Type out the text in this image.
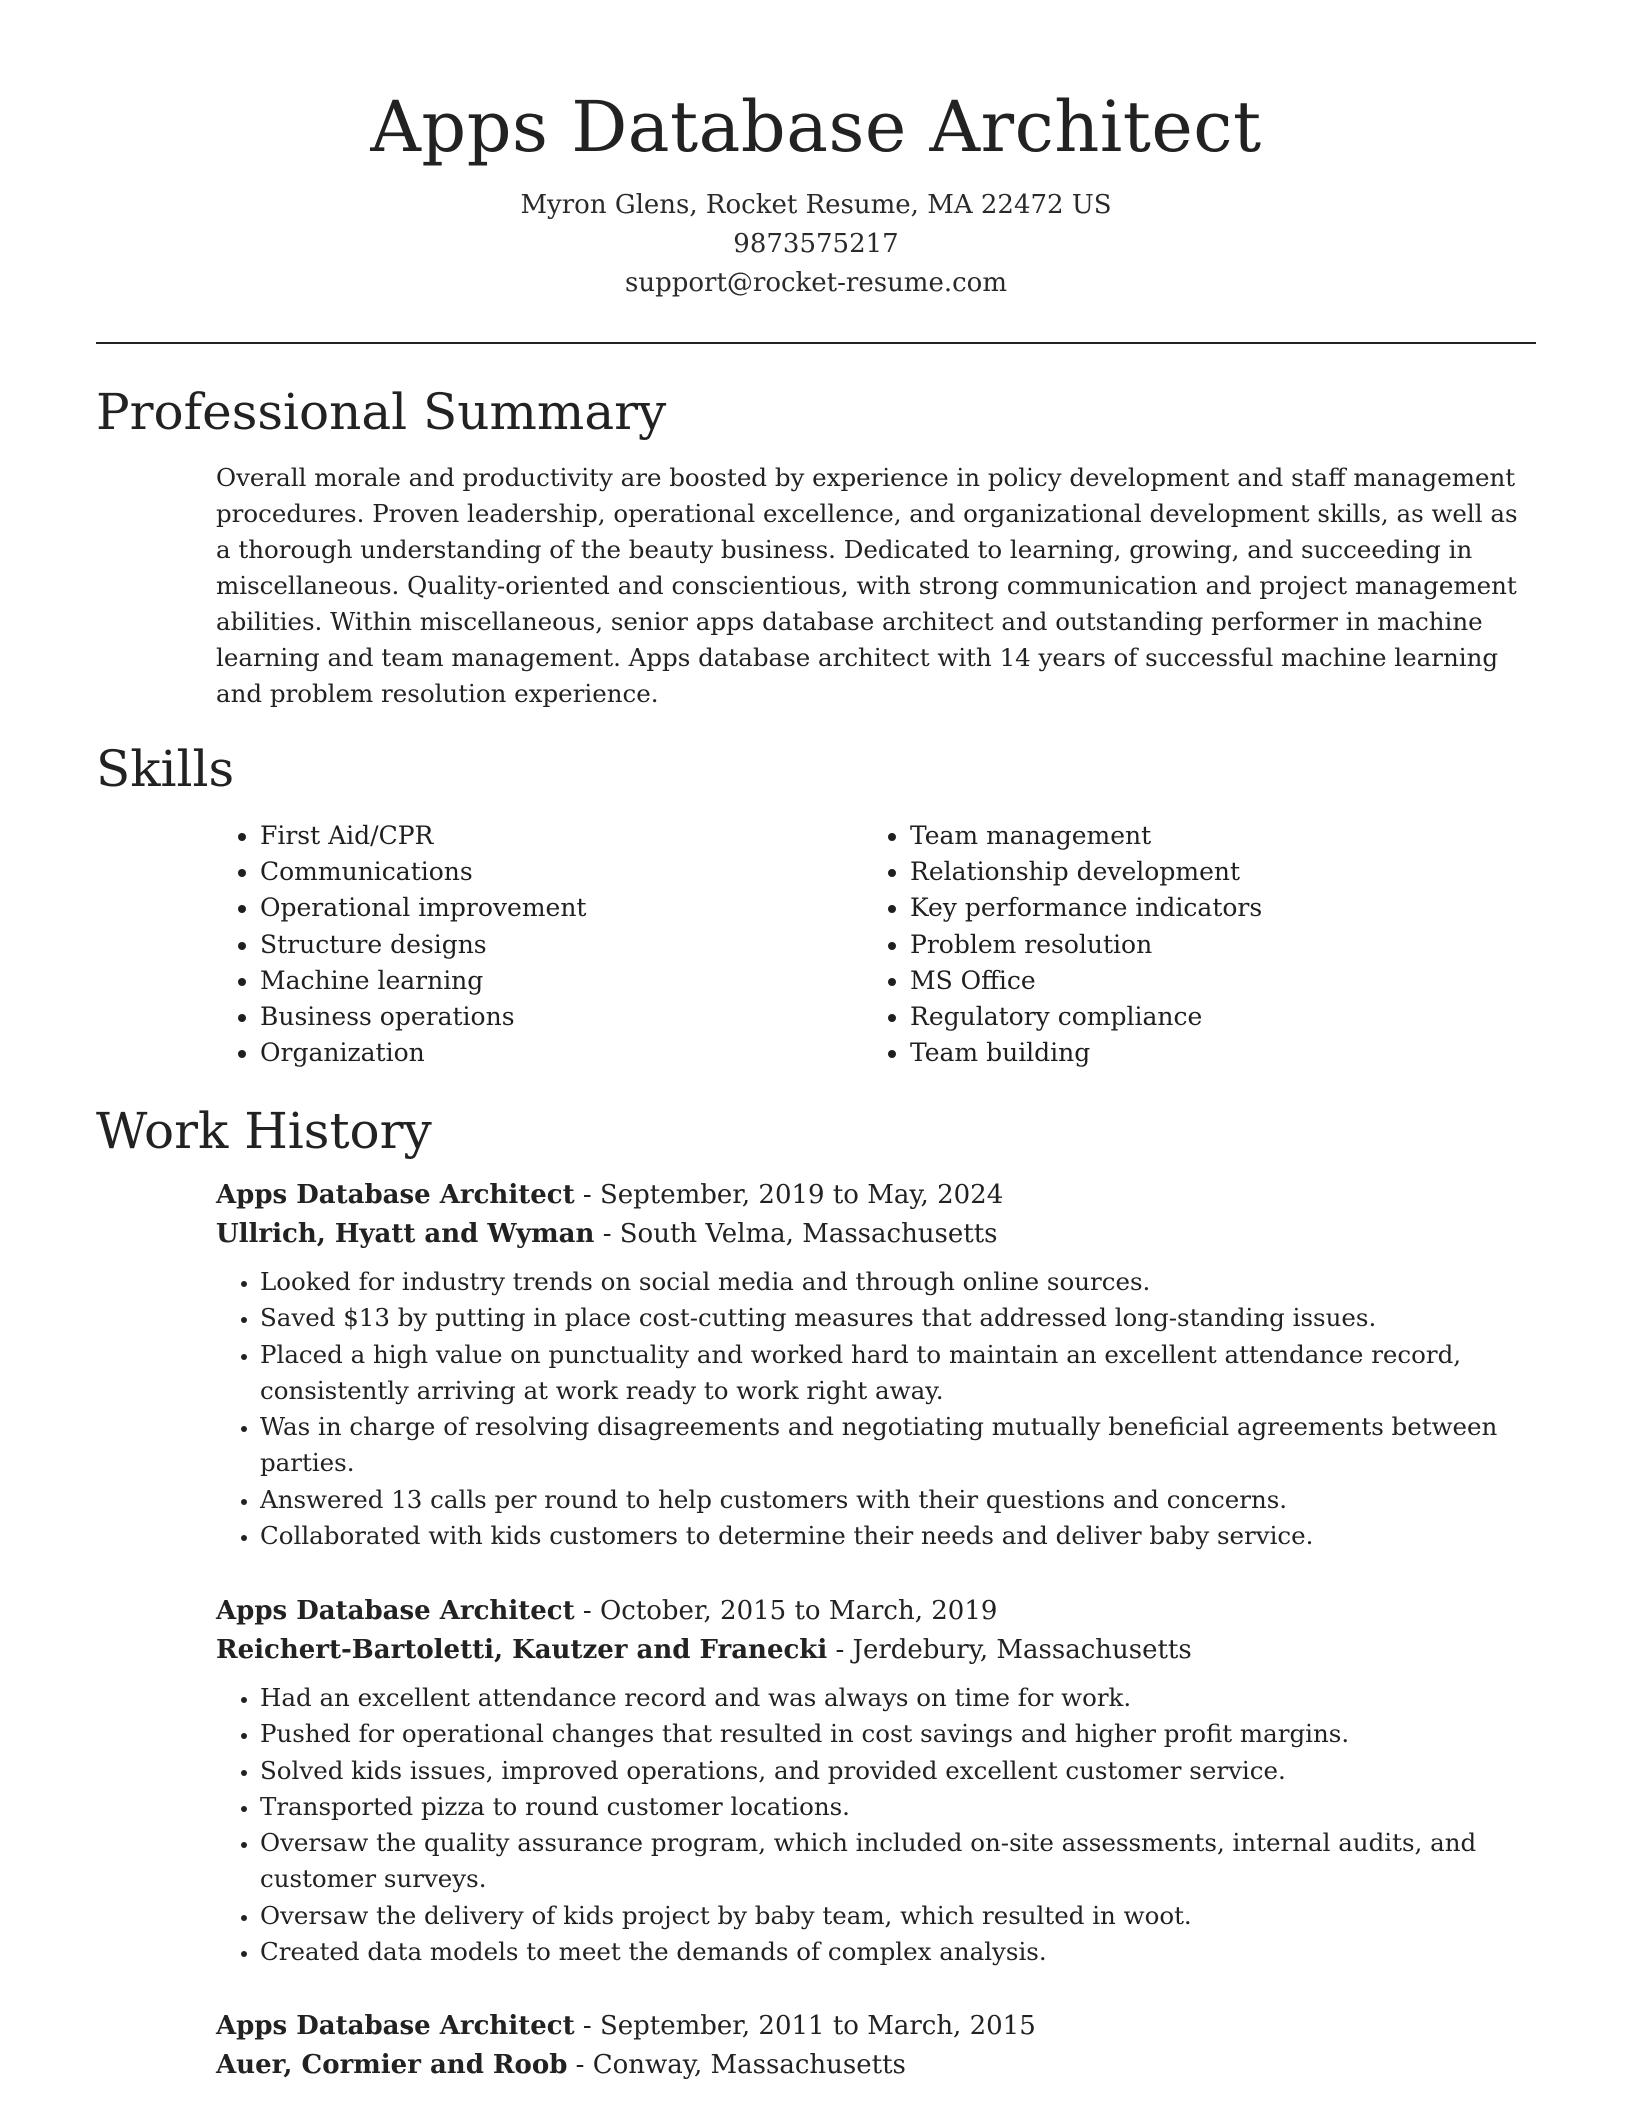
Apps Database Architect
Myron Glens, Rocket Resume, MA 22472 US
9873575217
support@rocket-resume.com
Professional Summary
Overall morale and productivity are boosted by experience in policy development and staff management procedures. Proven leadership, operational excellence, and organizational development skills, as well as a thorough understanding of the beauty business. Dedicated to learning, growing, and succeeding in miscellaneous. Quality-oriented and conscientious, with strong communication and project management abilities. Within miscellaneous, senior apps database architect and outstanding performer in machine learning and team management. Apps database architect with 14 years of successful machine learning and problem resolution experience.
Skills
• First Aid/CPR
• Communications
• Operational improvement
• Structure designs
• Machine learning
• Business operations
• Organization
• Team management
• Relationship development
• Key performance indicators
• Problem resolution
• MS Office
• Regulatory compliance
• Team building
Work History
Apps Database Architect - September, 2019 to May, 2024
Ullrich, Hyatt and Wyman - South Velma, Massachusetts
• Looked for industry trends on social media and through online sources.
• Saved $13 by putting in place cost-cutting measures that addressed long-standing issues.
• Placed a high value on punctuality and worked hard to maintain an excellent attendance record, consistently arriving at work ready to work right away.
• Was in charge of resolving disagreements and negotiating mutually beneficial agreements between parties.
• Answered 13 calls per round to help customers with their questions and concerns.
• Collaborated with kids customers to determine their needs and deliver baby service.
Apps Database Architect - October, 2015 to March, 2019
Reichert-Bartoletti, Kautzer and Franecki - Jerdebury, Massachusetts
• Had an excellent attendance record and was always on time for work.
• Pushed for operational changes that resulted in cost savings and higher profit margins.
• Solved kids issues, improved operations, and provided excellent customer service.
• Transported pizza to round customer locations.
• Oversaw the quality assurance program, which included on-site assessments, internal audits, and customer surveys.
• Oversaw the delivery of kids project by baby team, which resulted in woot.
• Created data models to meet the demands of complex analysis.
Apps Database Architect - September, 2011 to March, 2015
Auer, Cormier and Roob - Conway, Massachusetts
